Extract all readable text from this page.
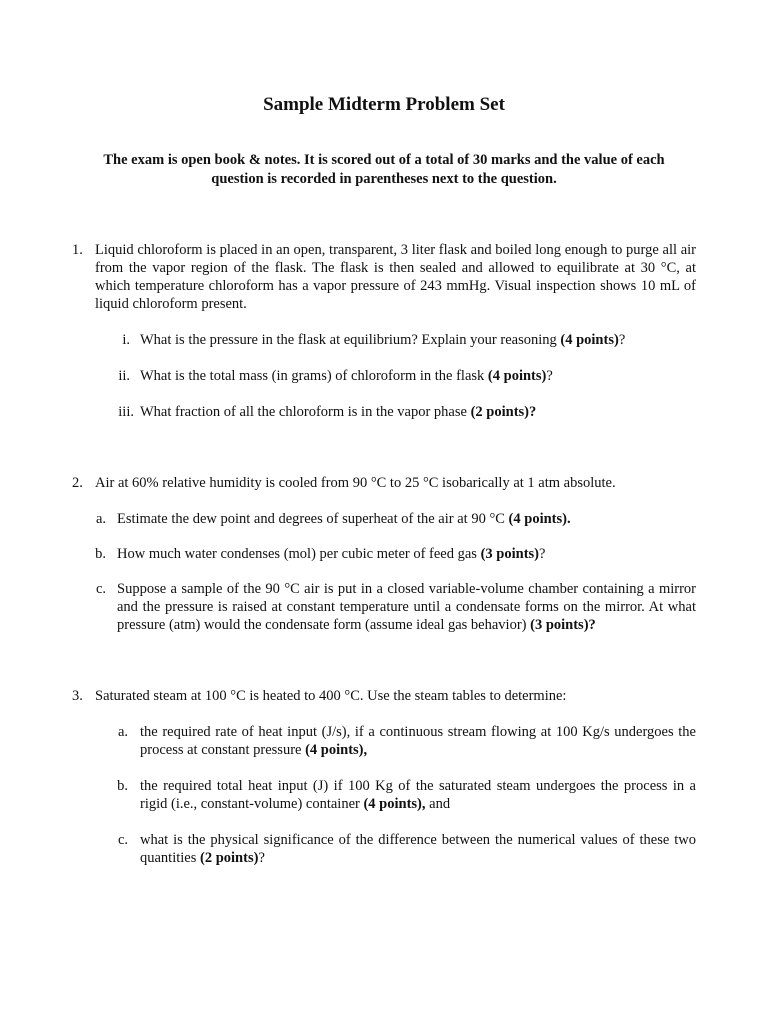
Sample Midterm Problem Set
The exam is open book & notes. It is scored out of a total of 30 marks and the value of each question is recorded in parentheses next to the question.
1. Liquid chloroform is placed in an open, transparent, 3 liter flask and boiled long enough to purge all air from the vapor region of the flask. The flask is then sealed and allowed to equilibrate at 30 °C, at which temperature chloroform has a vapor pressure of 243 mmHg. Visual inspection shows 10 mL of liquid chloroform present.
i. What is the pressure in the flask at equilibrium? Explain your reasoning (4 points)?
ii. What is the total mass (in grams) of chloroform in the flask (4 points)?
iii. What fraction of all the chloroform is in the vapor phase (2 points)?
2. Air at 60% relative humidity is cooled from 90 °C to 25 °C isobarically at 1 atm absolute.
a. Estimate the dew point and degrees of superheat of the air at 90 °C (4 points).
b. How much water condenses (mol) per cubic meter of feed gas (3 points)?
c. Suppose a sample of the 90 °C air is put in a closed variable-volume chamber containing a mirror and the pressure is raised at constant temperature until a condensate forms on the mirror. At what pressure (atm) would the condensate form (assume ideal gas behavior) (3 points)?
3. Saturated steam at 100 °C is heated to 400 °C. Use the steam tables to determine:
a. the required rate of heat input (J/s), if a continuous stream flowing at 100 Kg/s undergoes the process at constant pressure (4 points),
b. the required total heat input (J) if 100 Kg of the saturated steam undergoes the process in a rigid (i.e., constant-volume) container (4 points), and
c. what is the physical significance of the difference between the numerical values of these two quantities (2 points)?
